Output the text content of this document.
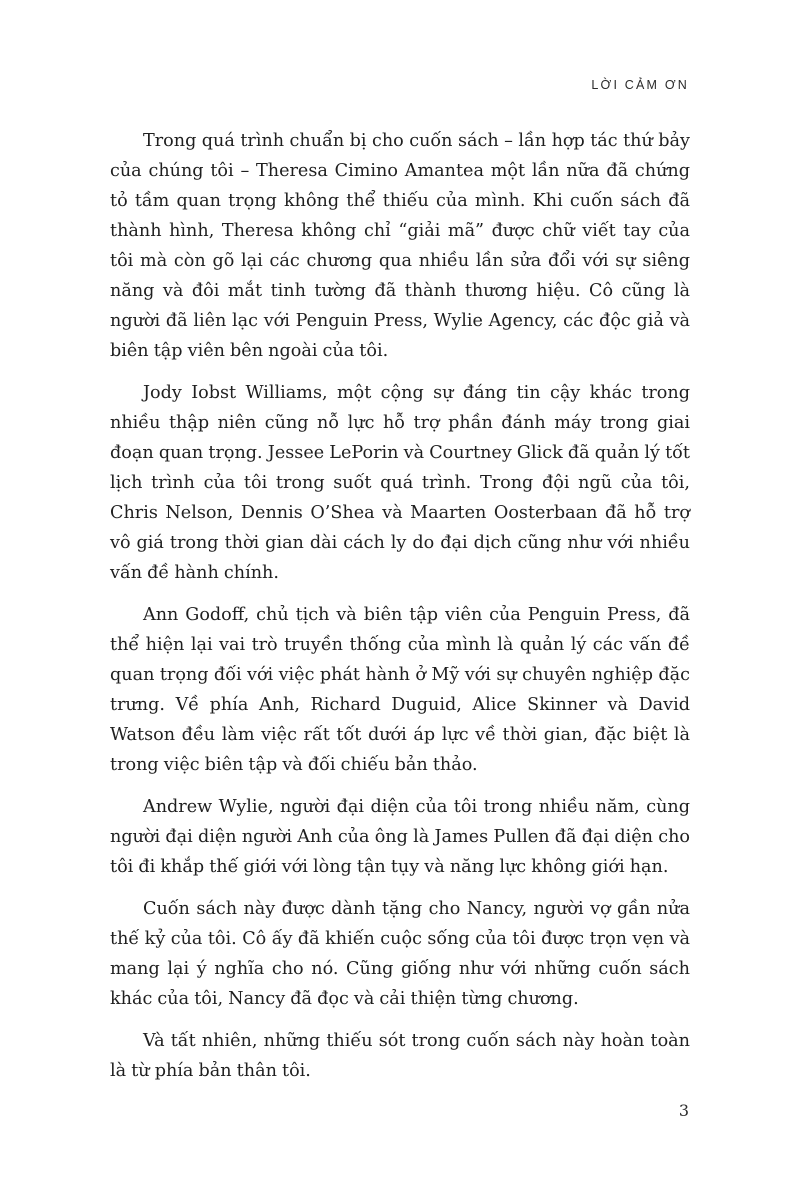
LỜI CẢM ƠN

Trong quá trình chuẩn bị cho cuốn sách – lần hợp tác thứ bảy của chúng tôi – Theresa Cimino Amantea một lần nữa đã chứng tỏ tầm quan trọng không thể thiếu của mình. Khi cuốn sách đã thành hình, Theresa không chỉ “giải mã” được chữ viết tay của tôi mà còn gõ lại các chương qua nhiều lần sửa đổi với sự siêng năng và đôi mắt tinh tường đã thành thương hiệu. Cô cũng là người đã liên lạc với Penguin Press, Wylie Agency, các độc giả và biên tập viên bên ngoài của tôi.

Jody Iobst Williams, một cộng sự đáng tin cậy khác trong nhiều thập niên cũng nỗ lực hỗ trợ phần đánh máy trong giai đoạn quan trọng. Jessee LePorin và Courtney Glick đã quản lý tốt lịch trình của tôi trong suốt quá trình. Trong đội ngũ của tôi, Chris Nelson, Dennis O’Shea và Maarten Oosterbaan đã hỗ trợ vô giá trong thời gian dài cách ly do đại dịch cũng như với nhiều vấn đề hành chính.

Ann Godoff, chủ tịch và biên tập viên của Penguin Press, đã thể hiện lại vai trò truyền thống của mình là quản lý các vấn đề quan trọng đối với việc phát hành ở Mỹ với sự chuyên nghiệp đặc trưng. Về phía Anh, Richard Duguid, Alice Skinner và David Watson đều làm việc rất tốt dưới áp lực về thời gian, đặc biệt là trong việc biên tập và đối chiếu bản thảo.

Andrew Wylie, người đại diện của tôi trong nhiều năm, cùng người đại diện người Anh của ông là James Pullen đã đại diện cho tôi đi khắp thế giới với lòng tận tụy và năng lực không giới hạn.

Cuốn sách này được dành tặng cho Nancy, người vợ gần nửa thế kỷ của tôi. Cô ấy đã khiến cuộc sống của tôi được trọn vẹn và mang lại ý nghĩa cho nó. Cũng giống như với những cuốn sách khác của tôi, Nancy đã đọc và cải thiện từng chương.

Và tất nhiên, những thiếu sót trong cuốn sách này hoàn toàn là từ phía bản thân tôi.

3
